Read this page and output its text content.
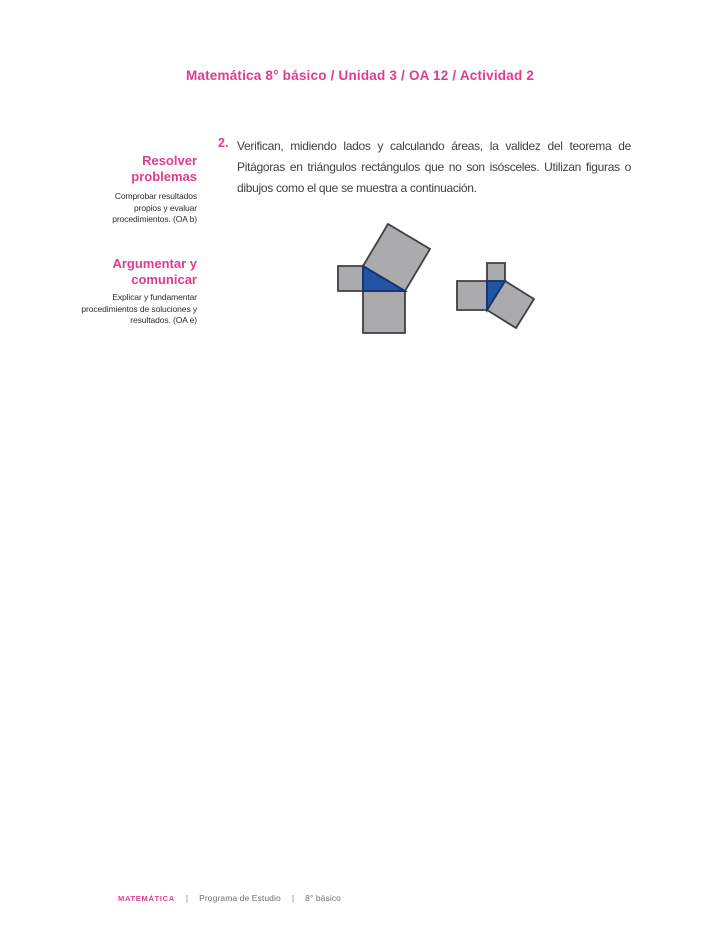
Matemática 8° básico / Unidad 3 / OA 12 / Actividad 2
Resolver problemas
Comprobar resultados propios y evaluar procedimientos. (OA b)
Argumentar y comunicar
Explicar y fundamentar procedimientos de soluciones y resultados. (OA e)
2. Verifican, midiendo lados y calculando áreas, la validez del teorema de Pitágoras en triángulos rectángulos que no son isósceles. Utilizan figuras o dibujos como el que se muestra a continuación.
MATEMÁTICA | Programa de Estudio | 8° básico
